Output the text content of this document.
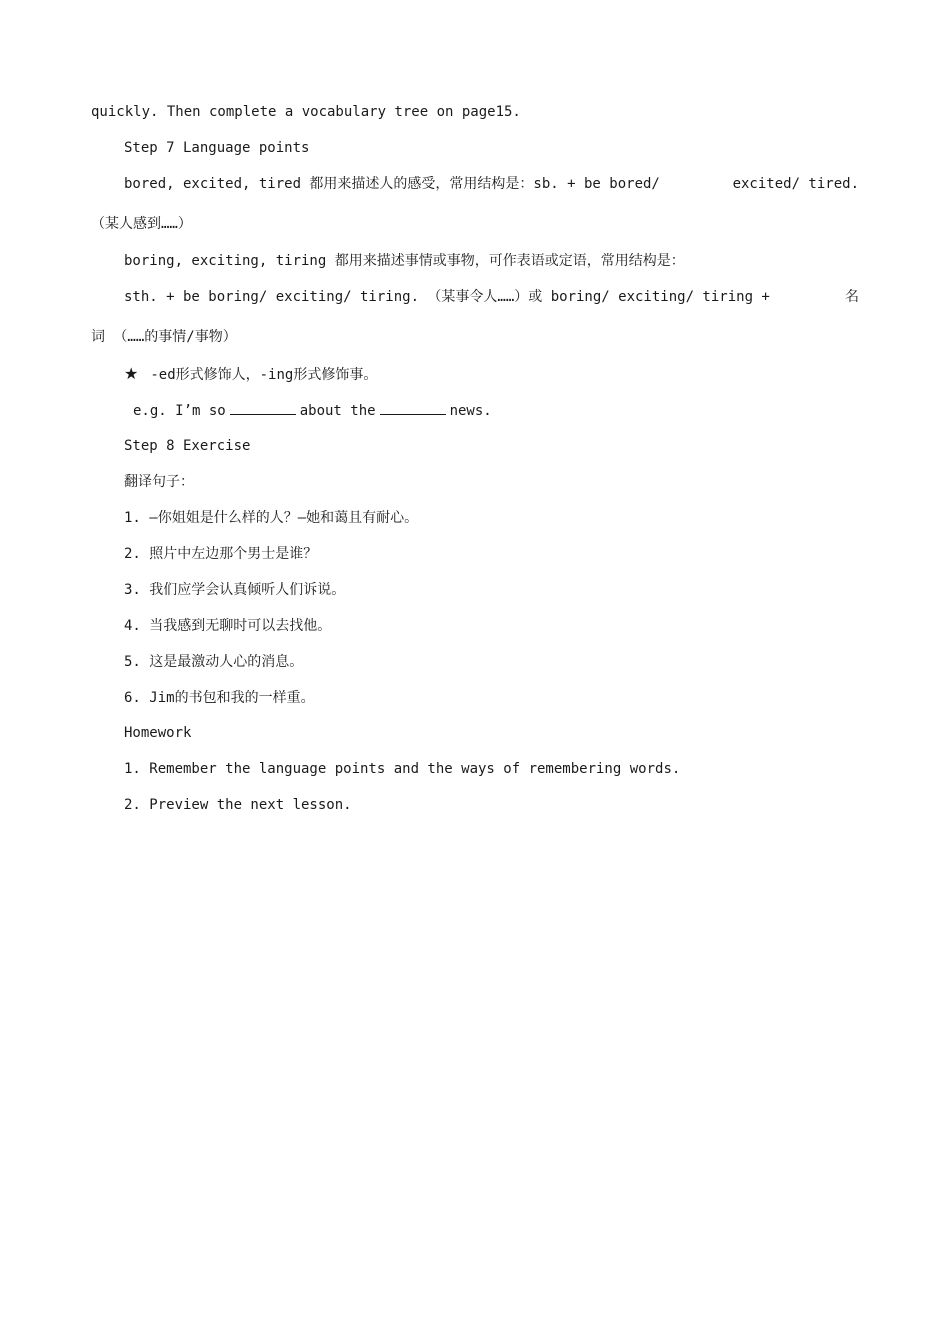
quickly. Then complete a vocabulary tree on page15.
Step 7 Language points
bored, excited, tired 都用来描述人的感受，常用结构是：sb. + be bored/	excited/ tired.
（某人感到……）
boring, exciting, tiring 都用来描述事情或事物，可作表语或定语，常用结构是：
sth. + be boring/ exciting/ tiring. （某事令人……）或 boring/ exciting/ tiring +	名
词 （……的事情/事物）
★ -ed形式修饰人，-ing形式修饰事。
e.g. I’m so	about the	news.
Step 8 Exercise
翻译句子：
1. —你姐姐是什么样的人？—她和蔼且有耐心。
2. 照片中左边那个男士是谁？
3. 我们应学会认真倾听人们诉说。
4. 当我感到无聊时可以去找他。
5. 这是最激动人心的消息。
6. Jim的书包和我的一样重。
Homework
1. Remember the language points and the ways of remembering words.
2. Preview the next lesson.
